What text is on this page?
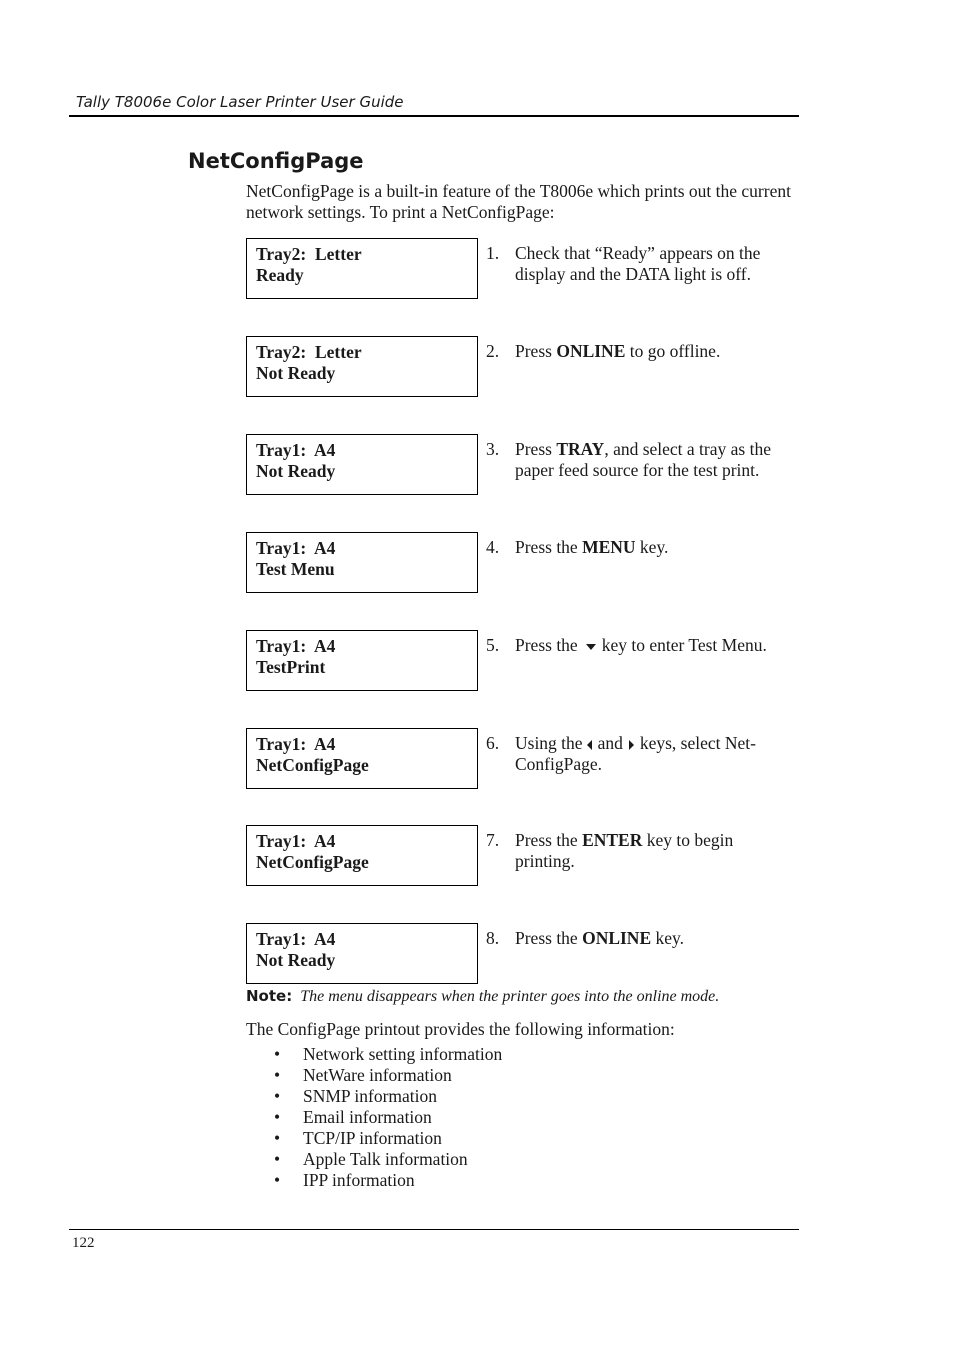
Tally T8006e Color Laser Printer User Guide
NetConfigPage

NetConfigPage is a built-in feature of the T8006e which prints out the current network settings. To print a NetConfigPage:

Tray2:  Letter
Ready
1. Check that “Ready” appears on the display and the DATA light is off.
Tray2:  Letter
Not Ready
2. Press ONLINE to go offline.
Tray1:  A4
Not Ready
3. Press TRAY, and select a tray as the paper feed source for the test print.
Tray1:  A4
Test Menu
4. Press the MENU key.
Tray1:  A4
TestPrint
5. Press the key to enter Test Menu.
Tray1:  A4
NetConfigPage
6. Using the and keys, select Net-ConfigPage.
Tray1:  A4
NetConfigPage
7. Press the ENTER key to begin printing.
Tray1:  A4
Not Ready
8. Press the ONLINE key.
Note: The menu disappears when the printer goes into the online mode.

The ConfigPage printout provides the following information:

• Network setting information
• NetWare information
• SNMP information
• Email information
• TCP/IP information
• Apple Talk information
• IPP information
122
